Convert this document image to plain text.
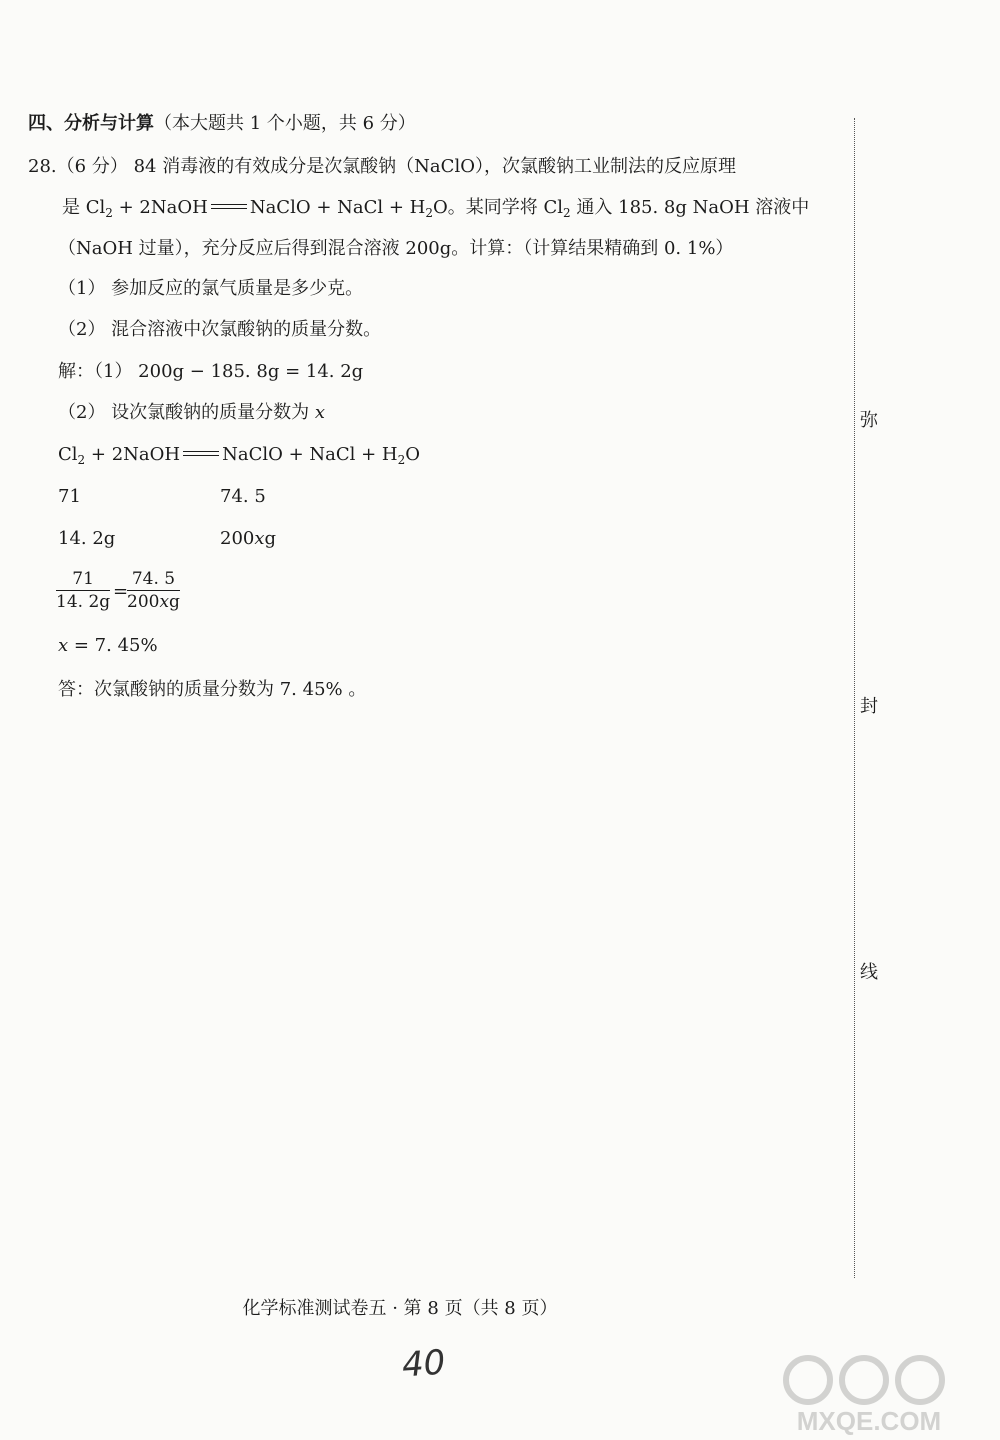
四、分析与计算（本大题共 1 个小题，共 6 分）
28.（6 分） 84 消毒液的有效成分是次氯酸钠（NaClO），次氯酸钠工业制法的反应原理
是 $Cl_2$ + 2NaOH NaClO + NaCl + $H_2O$。某同学将 $Cl_2$ 通入 185. 8g NaOH 溶液中
（NaOH 过量），充分反应后得到混合溶液 200g。计算：（计算结果精确到 0. 1%）
（1） 参加反应的氯气质量是多少克。
（2） 混合溶液中次氯酸钠的质量分数。
解：（1） 200g − 185. 8g = 14. 2g
（2） 设次氯酸钠的质量分数为 x
$Cl_2$ + 2NaOH NaClO + NaCl + $H_2O$
71	74. 5
14. 2g	200xg
$\frac{71}{14. 2g}$ =
$\frac{74. 5}{200xg}$
x = 7. 45%
答：次氯酸钠的质量分数为 7. 45% 。
弥
封
线
化学标准测试卷五 · 第 8 页（共 8 页）
40
MXQE.COM
